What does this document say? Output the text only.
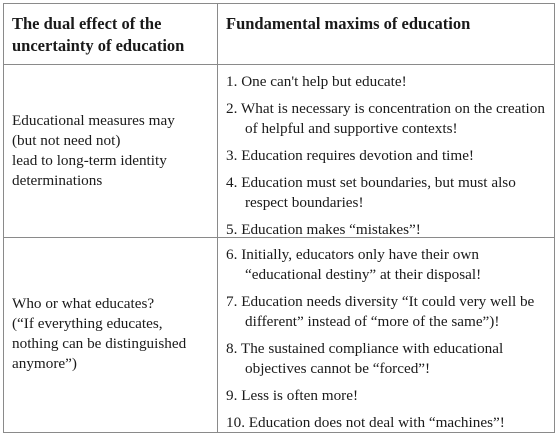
The dual effect of the uncertainty of education
Fundamental maxims of education
Educational measures may
(but not need not)
lead to long-term identity
determinations
1. One can't help but educate!
2. What is necessary is concentration on the creation of helpful and supportive contexts!
3. Education requires devotion and time!
4. Education must set boundaries, but must also respect boundaries!
5. Education makes “mistakes”!
Who or what educates?
(“If everything educates,
nothing can be distinguished
anymore”)
6. Initially, educators only have their own “educational destiny” at their disposal!
7. Education needs diversity “It could very well be different” instead of “more of the same”)!
8. The sustained compliance with educational objectives cannot be “forced”!
9. Less is often more!
10. Education does not deal with “machines”!
